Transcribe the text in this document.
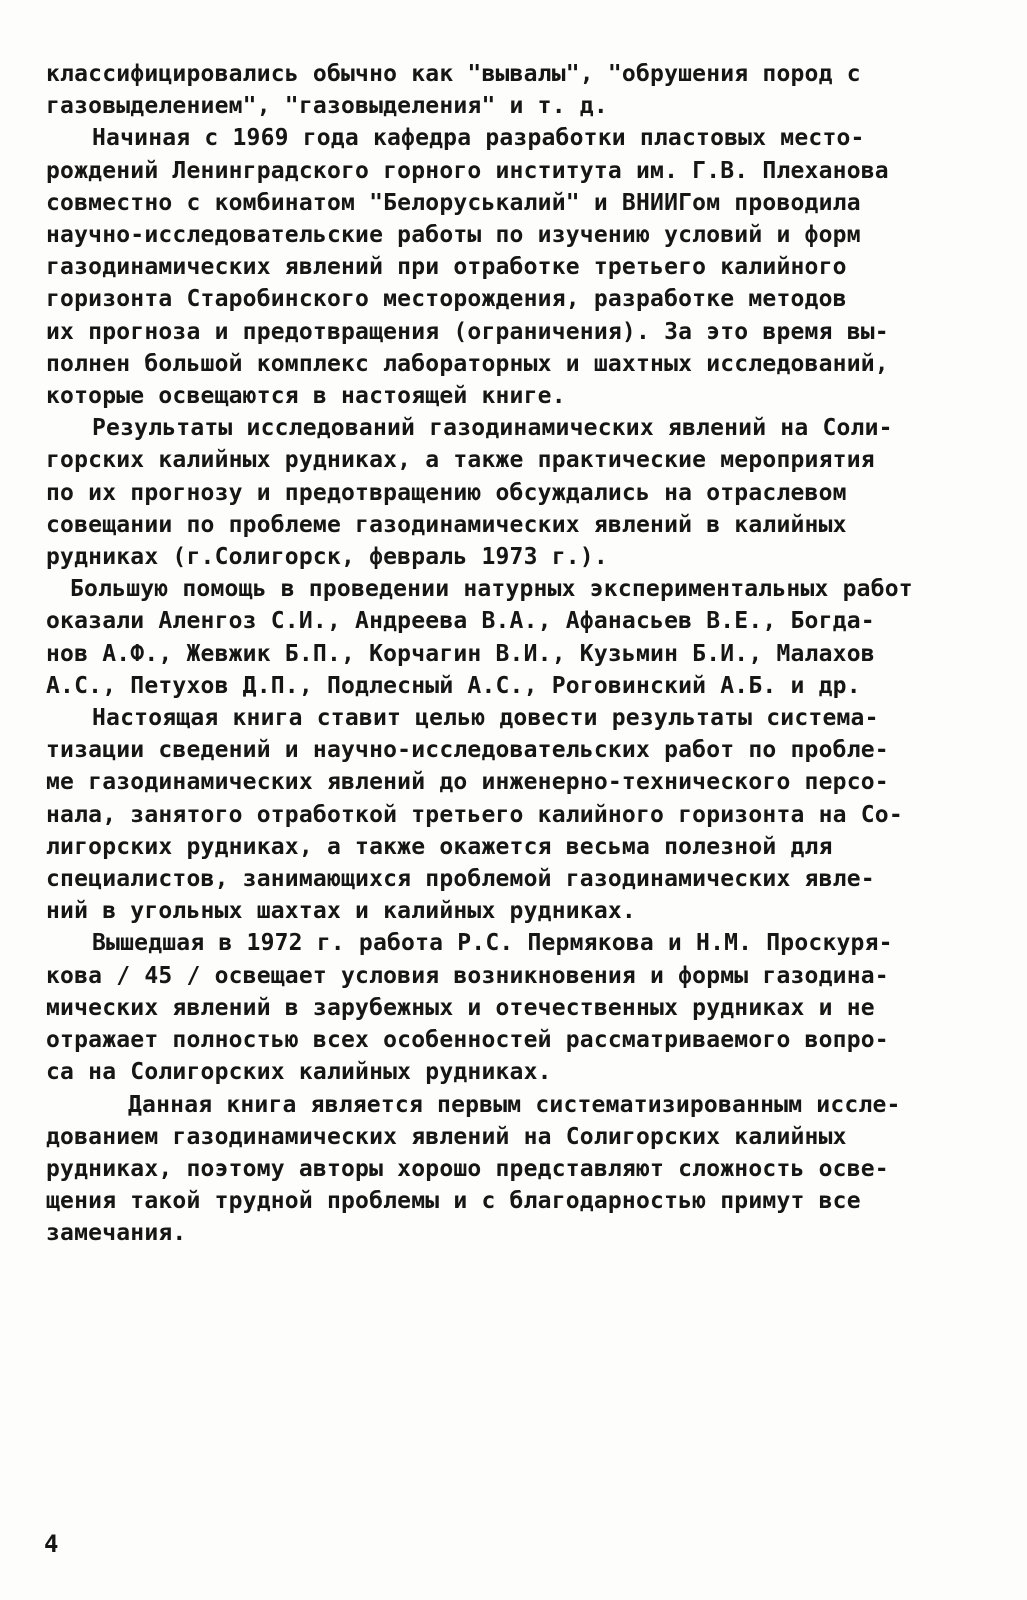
классифицировались обычно как "вывалы", "обрушения пород с
газовыделением", "газовыделения" и т. д.
Начиная с 1969 года кафедра разработки пластовых место-
рождений Ленинградского горного института им. Г.В. Плеханова
совместно с комбинатом "Белоруськалий" и ВНИИГом проводила
научно-исследовательские работы по изучению условий и форм
газодинамических явлений при отработке третьего калийного
горизонта Старобинского месторождения, разработке методов
их прогноза и предотвращения (ограничения). За это время вы-
полнен большой комплекс лабораторных и шахтных исследований,
которые освещаются в настоящей книге.
Результаты исследований газодинамических явлений на Соли-
горских калийных рудниках, а также практические мероприятия
по их прогнозу и предотвращению обсуждались на отраслевом
совещании по проблеме газодинамических явлений в калийных
рудниках (г.Солигорск, февраль 1973 г.).
Большую помощь в проведении натурных экспериментальных работ
оказали Аленгоз С.И., Андреева В.А., Афанасьев В.Е., Богда-
нов А.Ф., Жевжик Б.П., Корчагин В.И., Кузьмин Б.И., Малахов
А.С., Петухов Д.П., Подлесный А.С., Роговинский А.Б. и др.
Настоящая книга ставит целью довести результаты система-
тизации сведений и научно-исследовательских работ по пробле-
ме газодинамических явлений до инженерно-технического персо-
нала, занятого отработкой третьего калийного горизонта на Со-
лигорских рудниках, а также окажется весьма полезной для
специалистов, занимающихся проблемой газодинамических явле-
ний в угольных шахтах и калийных рудниках.
Вышедшая в 1972 г. работа Р.С. Пермякова и Н.М. Проскуря-
кова / 45 / освещает условия возникновения и формы газодина-
мических явлений в зарубежных и отечественных рудниках и не
отражает полностью всех особенностей рассматриваемого вопро-
са на Солигорских калийных рудниках.
Данная книга является первым систематизированным иссле-
дованием газодинамических явлений на Солигорских калийных
рудниках, поэтому авторы хорошо представляют сложность осве-
щения такой трудной проблемы и с благодарностью примут все
замечания.
4
